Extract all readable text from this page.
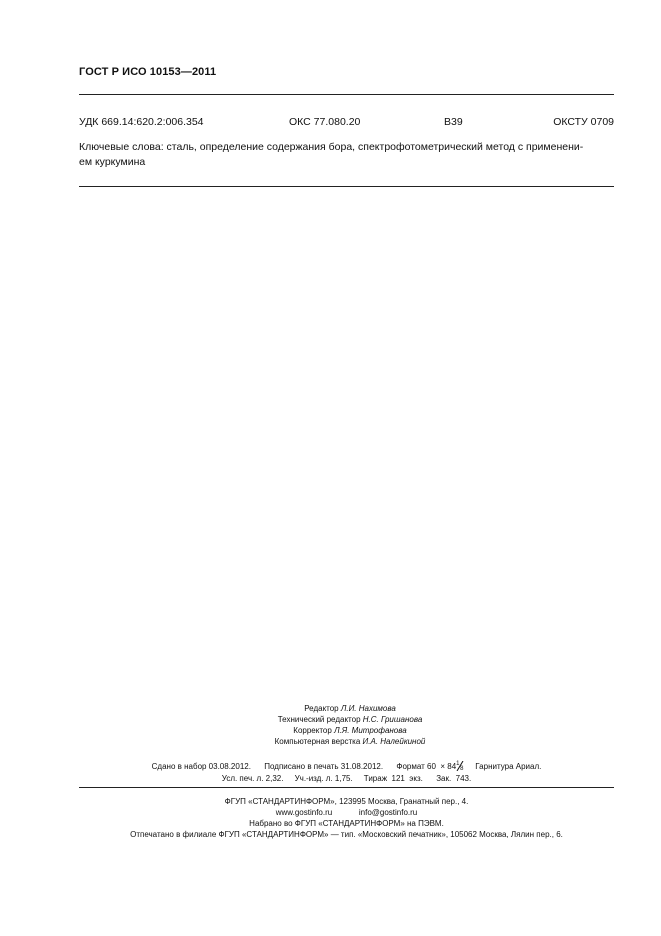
ГОСТ Р ИСО 10153—2011
УДК 669.14:620.2:006.354	ОКС 77.080.20	В39	ОКСТУ 0709
Ключевые слова: сталь, определение содержания бора, спектрофотометрический метод с применени-
ем куркумина
Редактор Л.И. Нахимова
Технический редактор Н.С. Гришанова
Корректор Л.Я. Митрофанова
Компьютерная верстка И.А. Налейкиной
Сдано в набор 03.08.2012.      Подписано в печать 31.08.2012.      Формат 60  × 84 1
8 Гарнитура Ариал.
Усл. печ. л. 2,32.     Уч.-изд. л. 1,75.     Тираж  121  экз.      Зак.  743.
ФГУП «СТАНДАРТИНФОРМ», 123995 Москва, Гранатный пер., 4.
www.gostinfo.ru	info@gostinfo.ru
Набрано во ФГУП «СТАНДАРТИНФОРМ» на ПЭВМ.
Отпечатано в филиале ФГУП «СТАНДАРТИНФОРМ» — тип. «Московский печатник», 105062 Москва, Лялин пер., 6.
